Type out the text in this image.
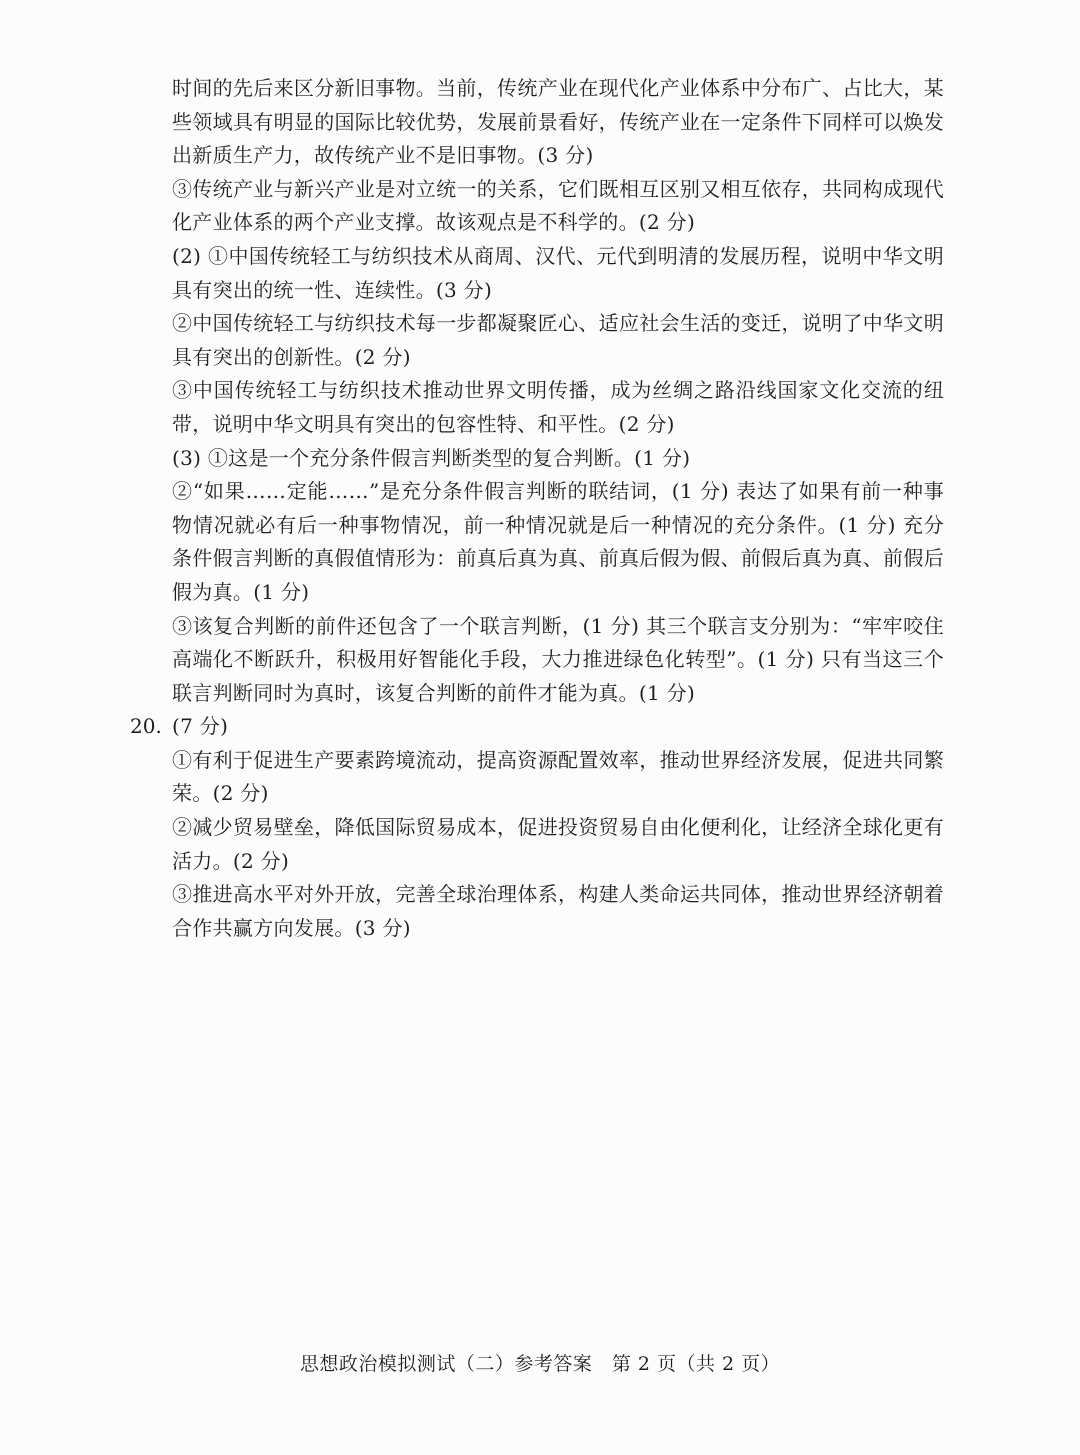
时间的先后来区分新旧事物。当前，传统产业在现代化产业体系中分布广、占比大，某些领域具有明显的国际比较优势，发展前景看好，传统产业在一定条件下同样可以焕发出新质生产力，故传统产业不是旧事物。(3 分)

③传统产业与新兴产业是对立统一的关系，它们既相互区别又相互依存，共同构成现代化产业体系的两个产业支撑。故该观点是不科学的。(2 分)

(2) ①中国传统轻工与纺织技术从商周、汉代、元代到明清的发展历程，说明中华文明具有突出的统一性、连续性。(3 分)

②中国传统轻工与纺织技术每一步都凝聚匠心、适应社会生活的变迁，说明了中华文明具有突出的创新性。(2 分)

③中国传统轻工与纺织技术推动世界文明传播，成为丝绸之路沿线国家文化交流的纽带，说明中华文明具有突出的包容性特、和平性。(2 分)

(3) ①这是一个充分条件假言判断类型的复合判断。(1 分)

②“如果……定能……”是充分条件假言判断的联结词，(1 分) 表达了如果有前一种事物情况就必有后一种事物情况，前一种情况就是后一种情况的充分条件。(1 分) 充分条件假言判断的真假值情形为：前真后真为真、前真后假为假、前假后真为真、前假后假为真。(1 分)

③该复合判断的前件还包含了一个联言判断，(1 分) 其三个联言支分别为：“牢牢咬住高端化不断跃升，积极用好智能化手段，大力推进绿色化转型”。(1 分) 只有当这三个联言判断同时为真时，该复合判断的前件才能为真。(1 分)

20. (7 分)

①有利于促进生产要素跨境流动，提高资源配置效率，推动世界经济发展，促进共同繁荣。(2 分)

②减少贸易壁垒，降低国际贸易成本，促进投资贸易自由化便利化，让经济全球化更有活力。(2 分)

③推进高水平对外开放，完善全球治理体系，构建人类命运共同体，推动世界经济朝着合作共赢方向发展。(3 分)

思想政治模拟测试（二）参考答案　第 2 页（共 2 页）
